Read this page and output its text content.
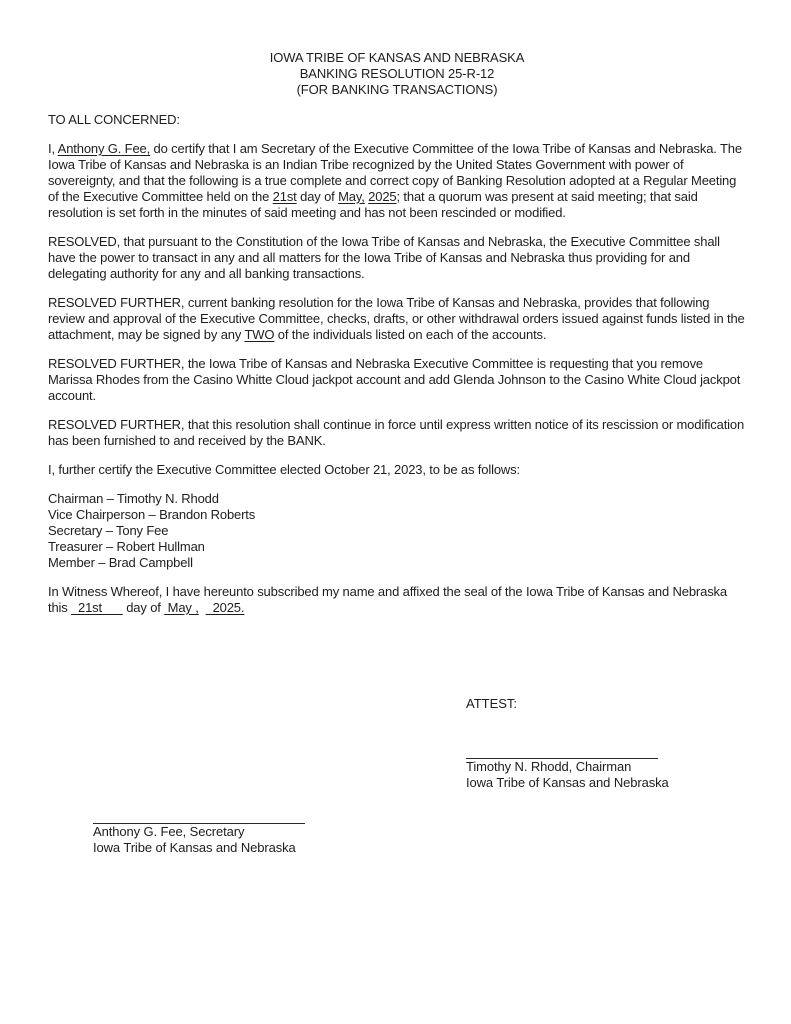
IOWA TRIBE OF KANSAS AND NEBRASKA
BANKING RESOLUTION 25-R-12
(FOR BANKING TRANSACTIONS)
TO ALL CONCERNED:
I, Anthony G. Fee, do certify that I am Secretary of the Executive Committee of the Iowa Tribe of Kansas and Nebraska. The Iowa Tribe of Kansas and Nebraska is an Indian Tribe recognized by the United States Government with power of sovereignty, and that the following is a true complete and correct copy of Banking Resolution adopted at a Regular Meeting of the Executive Committee held on the 21st day of May, 2025; that a quorum was present at said meeting; that said resolution is set forth in the minutes of said meeting and has not been rescinded or modified.
RESOLVED, that pursuant to the Constitution of the Iowa Tribe of Kansas and Nebraska, the Executive Committee shall have the power to transact in any and all matters for the Iowa Tribe of Kansas and Nebraska thus providing for and delegating authority for any and all banking transactions.
RESOLVED FURTHER, current banking resolution for the Iowa Tribe of Kansas and Nebraska, provides that following review and approval of the Executive Committee, checks, drafts, or other withdrawal orders issued against funds listed in the attachment, may be signed by any TWO of the individuals listed on each of the accounts.
RESOLVED FURTHER, the Iowa Tribe of Kansas and Nebraska Executive Committee is requesting that you remove Marissa Rhodes from the Casino Whitte Cloud jackpot account and add Glenda Johnson to the Casino White Cloud jackpot account.
RESOLVED FURTHER, that this resolution shall continue in force until express written notice of its rescission or modification has been furnished to and received by the BANK.
I, further certify the Executive Committee elected October 21, 2023, to be as follows:
Chairman – Timothy N. Rhodd
Vice Chairperson – Brandon Roberts
Secretary – Tony Fee
Treasurer – Robert Hullman
Member – Brad Campbell
In Witness Whereof, I have hereunto subscribed my name and affixed the seal of the Iowa Tribe of Kansas and Nebraska this   21st       day of  May ,    2025.
ATTEST:
Timothy N. Rhodd, Chairman
Iowa Tribe of Kansas and Nebraska
Anthony G. Fee, Secretary
Iowa Tribe of Kansas and Nebraska
